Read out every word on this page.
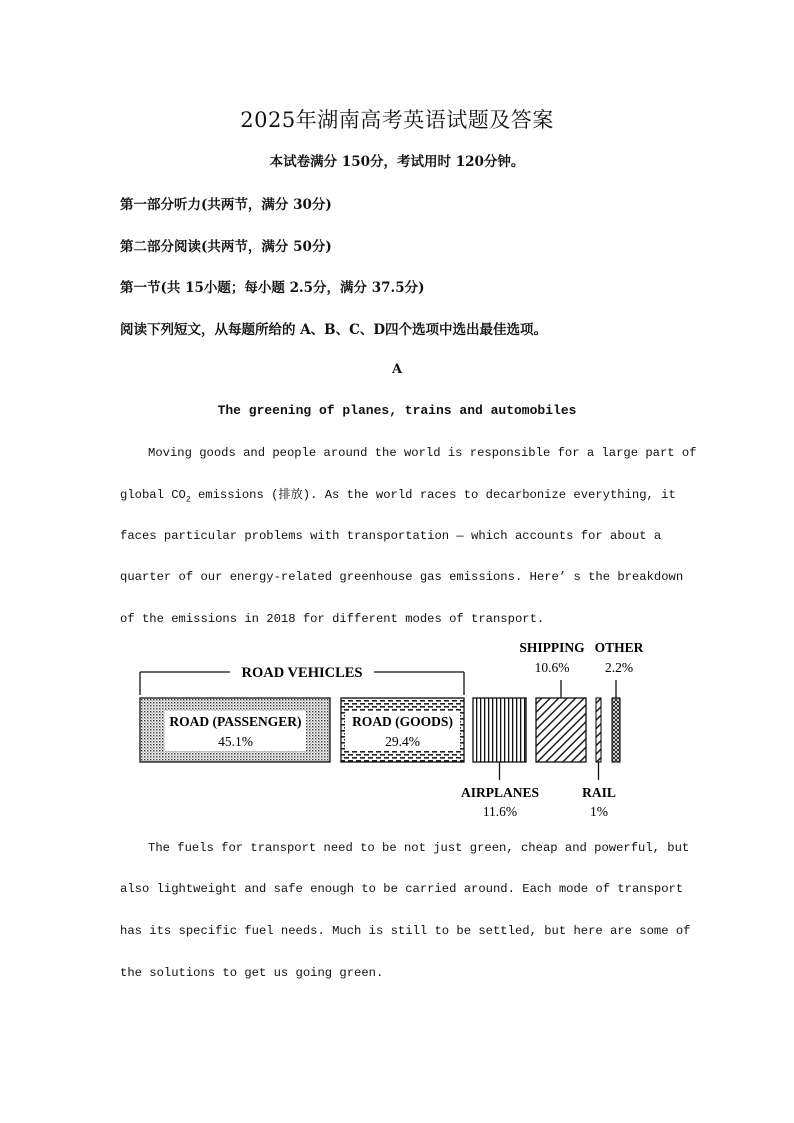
2025年湖南高考英语试题及答案
本试卷满分 150分，考试用时 120分钟。
第一部分听力(共两节，满分 30分)
第二部分阅读(共两节，满分 50分)
第一节(共 15小题；每小题 2.5分，满分 37.5分)
阅读下列短文，从每题所给的 A、B、C、D四个选项中选出最佳选项。
A
The greening of planes, trains and automobiles
Moving goods and people around the world is responsible for a large part of
global $CO_2$ emissions (排放). As the world races to decarbonize everything, it
faces particular problems with transportation — which accounts for about a
quarter of our energy-related greenhouse gas emissions. Here’ s the breakdown
of the emissions in 2018 for different modes of transport.
ROAD VEHICLES
ROAD (PASSENGER)
45.1%
ROAD (GOODS)
29.4%
AIRPLANES
11.6%
SHIPPING
10.6%
RAIL
1%
OTHER
2.2%
The fuels for transport need to be not just green, cheap and powerful, but
also lightweight and safe enough to be carried around. Each mode of transport
has its specific fuel needs. Much is still to be settled, but here are some of
the solutions to get us going green.
